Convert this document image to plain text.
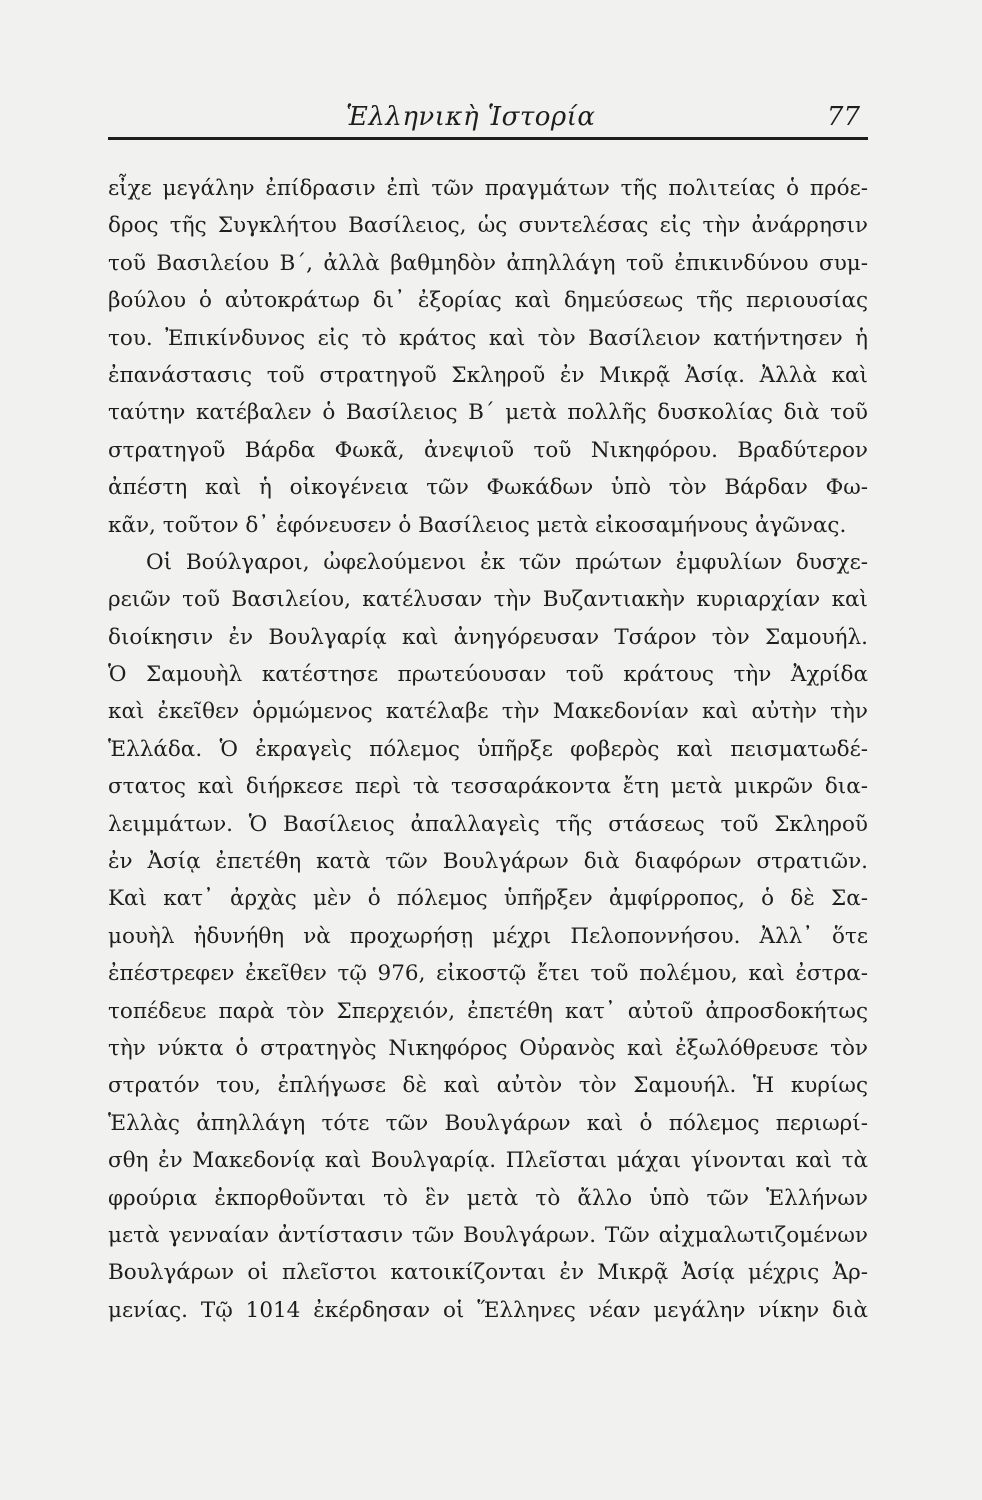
Ἑλληνικὴ Ἱστορία	77
εἶχε μεγάλην ἐπίδρασιν ἐπὶ τῶν πραγμάτων τῆς πολιτείας ὁ πρόε-
δρος τῆς Συγκλήτου Βασίλειος, ὡς συντελέσας εἰς τὴν ἀνάρρησιν
τοῦ Βασιλείου Β΄, ἀλλὰ βαθμηδὸν ἀπηλλάγη τοῦ ἐπικινδύνου συμ-
βούλου ὁ αὐτοκράτωρ δι᾽ ἐξορίας καὶ δημεύσεως τῆς περιουσίας
του. Ἐπικίνδυνος εἰς τὸ κράτος καὶ τὸν Βασίλειον κατήντησεν ἡ
ἐπανάστασις τοῦ στρατηγοῦ Σκληροῦ ἐν Μικρᾷ Ἀσίᾳ. Ἀλλὰ καὶ
ταύτην κατέβαλεν ὁ Βασίλειος Β΄ μετὰ πολλῆς δυσκολίας διὰ τοῦ
στρατηγοῦ Βάρδα Φωκᾶ, ἀνεψιοῦ τοῦ Νικηφόρου. Βραδύτερον
ἀπέστη καὶ ἡ οἰκογένεια τῶν Φωκάδων ὑπὸ τὸν Βάρδαν Φω-
κᾶν, τοῦτον δ᾽ ἐφόνευσεν ὁ Βασίλειος μετὰ εἰκοσαμήνους ἀγῶνας.
Οἱ Βούλγαροι, ὠφελούμενοι ἐκ τῶν πρώτων ἐμφυλίων δυσχε-
ρειῶν τοῦ Βασιλείου, κατέλυσαν τὴν Βυζαντιακὴν κυριαρχίαν καὶ
διοίκησιν ἐν Βουλγαρίᾳ καὶ ἀνηγόρευσαν Τσάρον τὸν Σαμουήλ.
Ὁ Σαμουὴλ κατέστησε πρωτεύουσαν τοῦ κράτους τὴν Ἀχρίδα
καὶ ἐκεῖθεν ὁρμώμενος κατέλαβε τὴν Μακεδονίαν καὶ αὐτὴν τὴν
Ἑλλάδα. Ὁ ἐκραγεὶς πόλεμος ὑπῆρξε φοβερὸς καὶ πεισματωδέ-
στατος καὶ διήρκεσε περὶ τὰ τεσσαράκοντα ἔτη μετὰ μικρῶν δια-
λειμμάτων. Ὁ Βασίλειος ἀπαλλαγεὶς τῆς στάσεως τοῦ Σκληροῦ
ἐν Ἀσίᾳ ἐπετέθη κατὰ τῶν Βουλγάρων διὰ διαφόρων στρατιῶν.
Καὶ κατ᾽ ἀρχὰς μὲν ὁ πόλεμος ὑπῆρξεν ἀμφίρροπος, ὁ δὲ Σα-
μουὴλ ἠδυνήθη νὰ προχωρήσῃ μέχρι Πελοποννήσου. Ἀλλ᾽ ὅτε
ἐπέστρεφεν ἐκεῖθεν τῷ 976, εἰκοστῷ ἔτει τοῦ πολέμου, καὶ ἐστρα-
τοπέδευε παρὰ τὸν Σπερχειόν, ἐπετέθη κατ᾽ αὐτοῦ ἀπροσδοκήτως
τὴν νύκτα ὁ στρατηγὸς Νικηφόρος Οὐρανὸς καὶ ἐξωλόθρευσε τὸν
στρατόν του, ἐπλήγωσε δὲ καὶ αὐτὸν τὸν Σαμουήλ. Ἡ κυρίως
Ἑλλὰς ἀπηλλάγη τότε τῶν Βουλγάρων καὶ ὁ πόλεμος περιωρί-
σθη ἐν Μακεδονίᾳ καὶ Βουλγαρίᾳ. Πλεῖσται μάχαι γίνονται καὶ τὰ
φρούρια ἐκπορθοῦνται τὸ ἓν μετὰ τὸ ἄλλο ὑπὸ τῶν Ἑλλήνων
μετὰ γενναίαν ἀντίστασιν τῶν Βουλγάρων. Τῶν αἰχμαλωτιζομένων
Βουλγάρων οἱ πλεῖστοι κατοικίζονται ἐν Μικρᾷ Ἀσίᾳ μέχρις Ἀρ-
μενίας. Τῷ 1014 ἐκέρδησαν οἱ Ἕλληνες νέαν μεγάλην νίκην διὰ
